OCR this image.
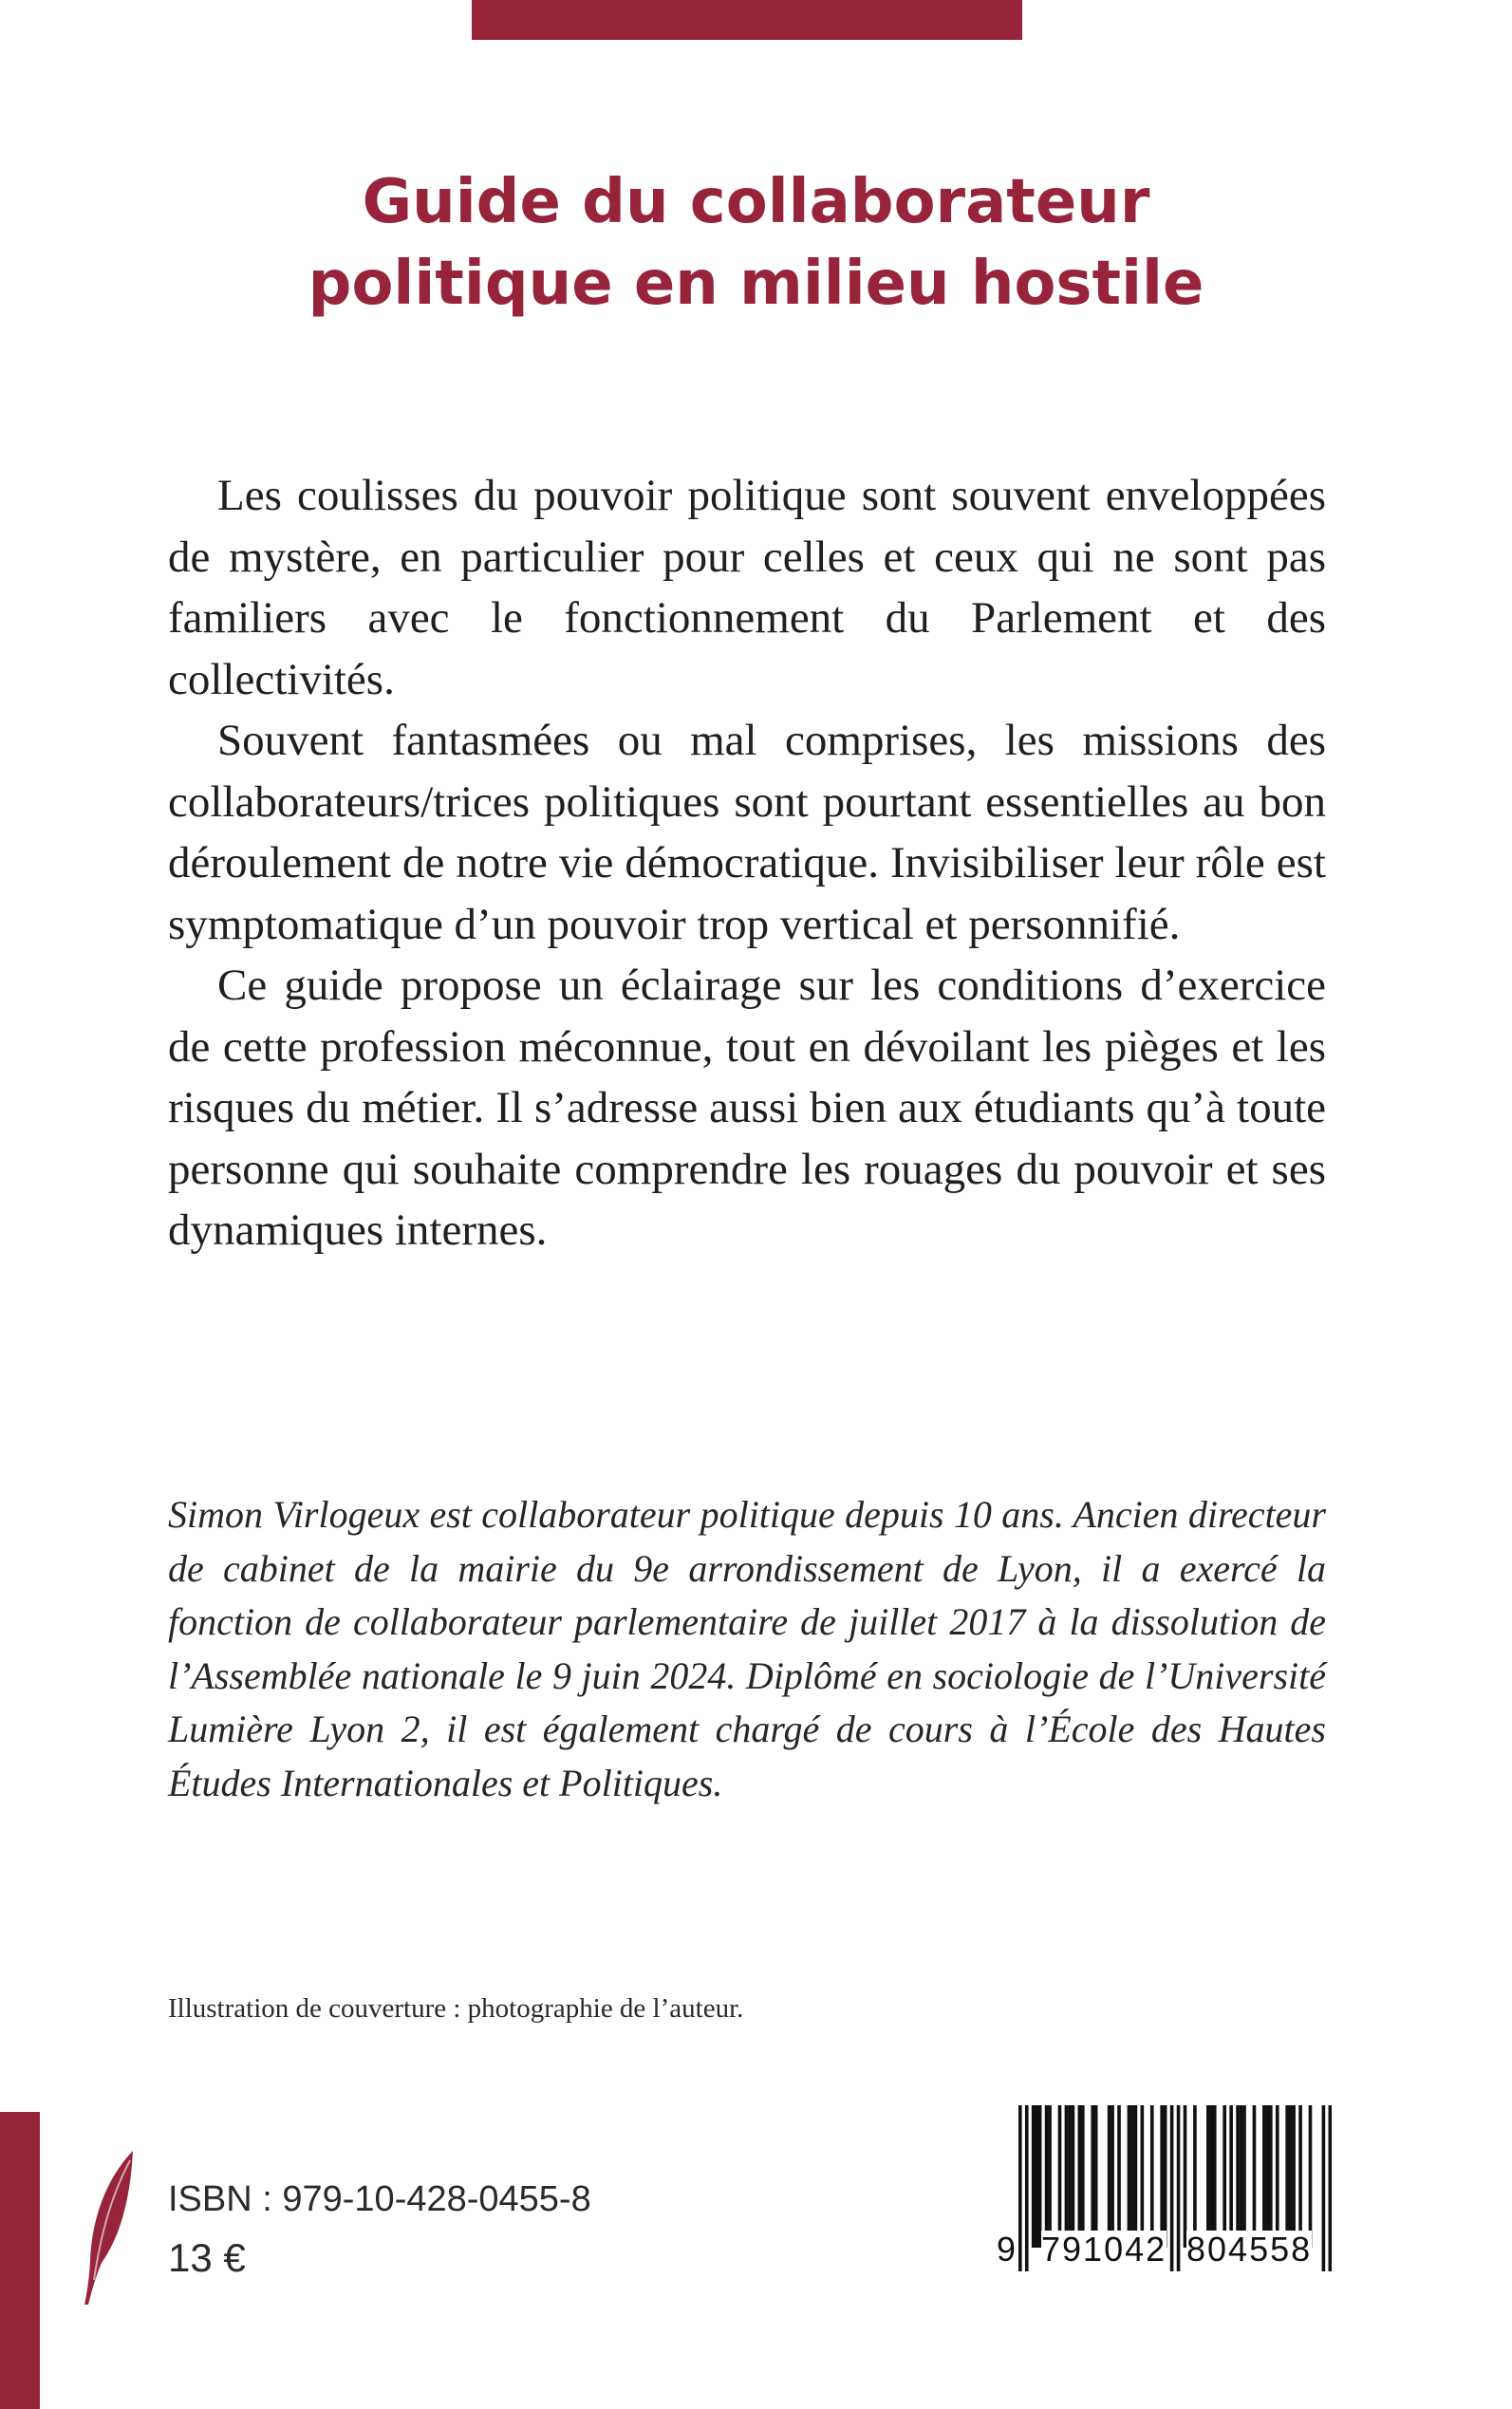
Guide du collaborateur
politique en milieu hostile

Les coulisses du pouvoir politique sont souvent enveloppées de mystère, en particulier pour celles et ceux qui ne sont pas familiers avec le fonctionnement du Parlement et des collectivités.

Souvent fantasmées ou mal comprises, les missions des collaborateurs/trices politiques sont pourtant essentielles au bon déroulement de notre vie démocratique. Invisibiliser leur rôle est symptomatique d’un pouvoir trop vertical et personnifié.

Ce guide propose un éclairage sur les conditions d’exercice de cette profession méconnue, tout en dévoilant les pièges et les risques du métier. Il s’adresse aussi bien aux étudiants qu’à toute personne qui souhaite comprendre les rouages du pouvoir et ses dynamiques internes.

Simon Virlogeux est collaborateur politique depuis 10 ans. Ancien directeur de cabinet de la mairie du 9e arrondissement de Lyon, il a exercé la fonction de collaborateur parlementaire de juillet 2017 à la dissolution de l’Assemblée nationale le 9 juin 2024. Diplômé en sociologie de l’Université Lumière Lyon 2, il est également chargé de cours à l’École des Hautes Études Internationales et Politiques.

Illustration de couverture : photographie de l’auteur.
ISBN : 979-10-428-0455-8
13 €	9 791042 804558
